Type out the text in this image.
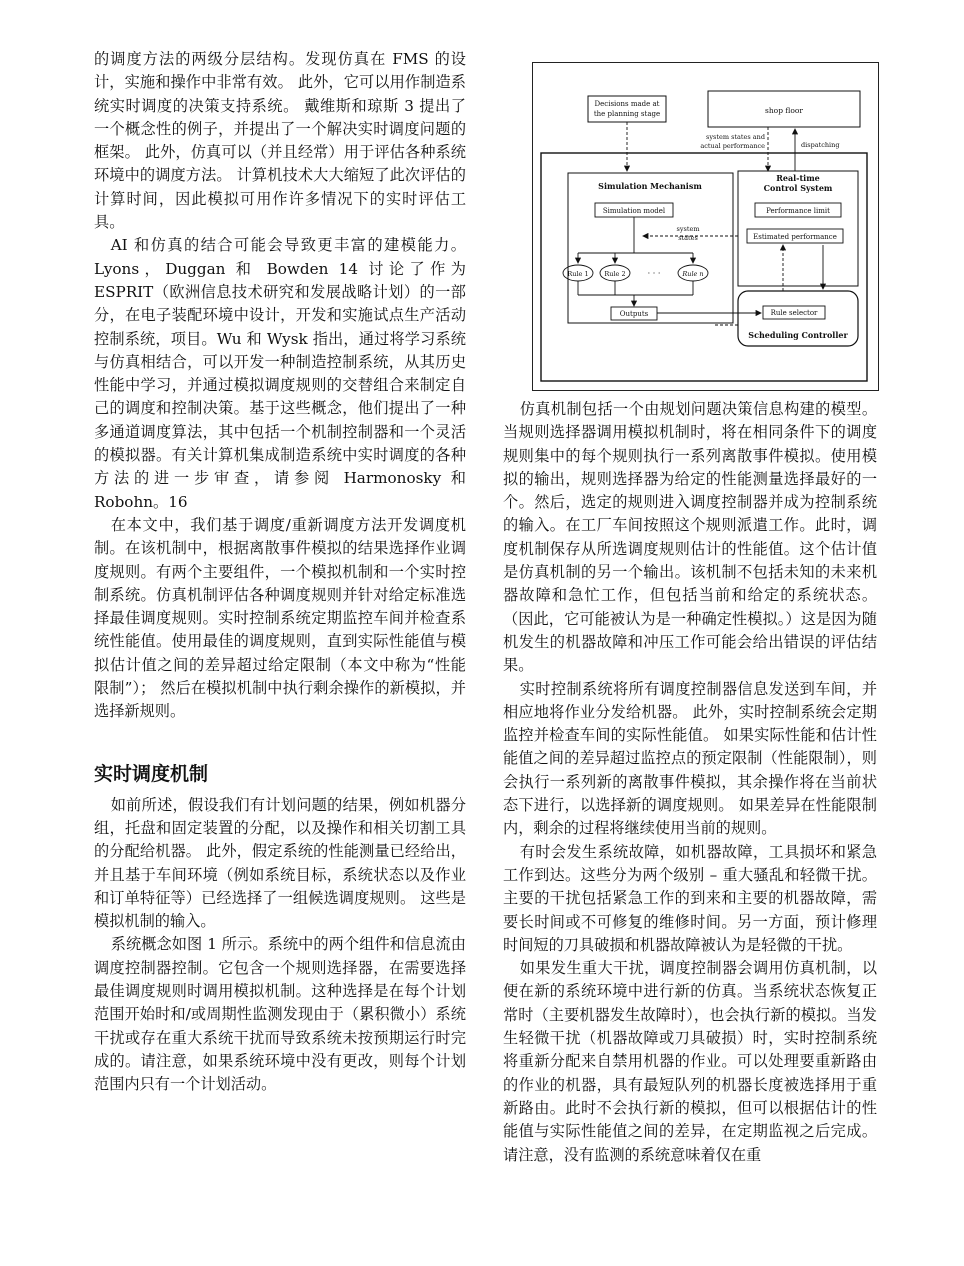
的调度方法的两级分层结构。发现仿真在 FMS 的设计，实施和操作中非常有效。 此外，它可以用作制造系统实时调度的决策支持系统。 戴维斯和琼斯 3 提出了一个概念性的例子，并提出了一个解决实时调度问题的框架。 此外，仿真可以（并且经常）用于评估各种系统环境中的调度方法。 计算机技术大大缩短了此次评估的计算时间，因此模拟可用作许多情况下的实时评估工具。

AI 和仿真的结合可能会导致更丰富的建模能力。Lyons，Duggan 和 Bowden 14 讨论了作为 ESPRIT（欧洲信息技术研究和发展战略计划）的一部分，在电子装配环境中设计，开发和实施试点生产活动控制系统，项目。Wu 和 Wysk 指出，通过将学习系统与仿真相结合，可以开发一种制造控制系统，从其历史性能中学习，并通过模拟调度规则的交替组合来制定自己的调度和控制决策。基于这些概念，他们提出了一种多通道调度算法，其中包括一个机制控制器和一个灵活的模拟器。有关计算机集成制造系统中实时调度的各种方法的进一步审查，请参阅 Harmonosky 和 Robohn。16

在本文中，我们基于调度/重新调度方法开发调度机制。在该机制中，根据离散事件模拟的结果选择作业调度规则。有两个主要组件，一个模拟机制和一个实时控制系统。仿真机制评估各种调度规则并针对给定标准选择最佳调度规则。实时控制系统定期监控车间并检查系统性能值。使用最佳的调度规则，直到实际性能值与模拟估计值之间的差异超过给定限制（本文中称为“性能限制”）； 然后在模拟机制中执行剩余操作的新模拟，并选择新规则。

实时调度机制

如前所述，假设我们有计划问题的结果，例如机器分组，托盘和固定装置的分配，以及操作和相关切割工具的分配给机器。 此外，假定系统的性能测量已经给出，并且基于车间环境（例如系统目标，系统状态以及作业和订单特征等）已经选择了一组候选调度规则。 这些是模拟机制的输入。

系统概念如图 1 所示。系统中的两个组件和信息流由调度控制器控制。它包含一个规则选择器，在需要选择最佳调度规则时调用模拟机制。这种选择是在每个计划范围开始时和/或周期性监测发现由于（累积微小）系统干扰或存在重大系统干扰而导致系统未按预期运行时完成的。请注意，如果系统环境中没有更改，则每个计划范围内只有一个计划活动。

Decisions made at
the planning stage	shop floor
system states and
actual performance	dispatching
Simulation Mechanism
Simulation model
Real-time
Control System
Performance limit
Estimated performance
system
states
Rule 1 Rule 2	· · ·	Rule n
Outputs	Rule selector
Scheduling Controller

仿真机制包括一个由规划问题决策信息构建的模型。当规则选择器调用模拟机制时，将在相同条件下的调度规则集中的每个规则执行一系列离散事件模拟。使用模拟的输出，规则选择器为给定的性能测量选择最好的一个。然后，选定的规则进入调度控制器并成为控制系统的输入。在工厂车间按照这个规则派遣工作。此时，调度机制保存从所选调度规则估计的性能值。这个估计值是仿真机制的另一个输出。该机制不包括未知的未来机器故障和急忙工作，但包括当前和给定的系统状态。 （因此，它可能被认为是一种确定性模拟。）这是因为随机发生的机器故障和冲压工作可能会给出错误的评估结果。

实时控制系统将所有调度控制器信息发送到车间，并相应地将作业分发给机器。 此外，实时控制系统会定期监控并检查车间的实际性能值。 如果实际性能和估计性能值之间的差异超过监控点的预定限制（性能限制），则会执行一系列新的离散事件模拟，其余操作将在当前状态下进行，以选择新的调度规则。 如果差异在性能限制内，剩余的过程将继续使用当前的规则。

有时会发生系统故障，如机器故障，工具损坏和紧急工作到达。这些分为两个级别 – 重大骚乱和轻微干扰。主要的干扰包括紧急工作的到来和主要的机器故障，需要长时间或不可修复的维修时间。另一方面，预计修理时间短的刀具破损和机器故障被认为是轻微的干扰。

如果发生重大干扰，调度控制器会调用仿真机制，以便在新的系统环境中进行新的仿真。当系统状态恢复正常时（主要机器发生故障时），也会执行新的模拟。当发生轻微干扰（机器故障或刀具破损）时，实时控制系统将重新分配来自禁用机器的作业。可以处理要重新路由的作业的机器，具有最短队列的机器长度被选择用于重新路由。此时不会执行新的模拟，但可以根据估计的性能值与实际性能值之间的差异，在定期监视之后完成。请注意，没有监测的系统意味着仅在重
